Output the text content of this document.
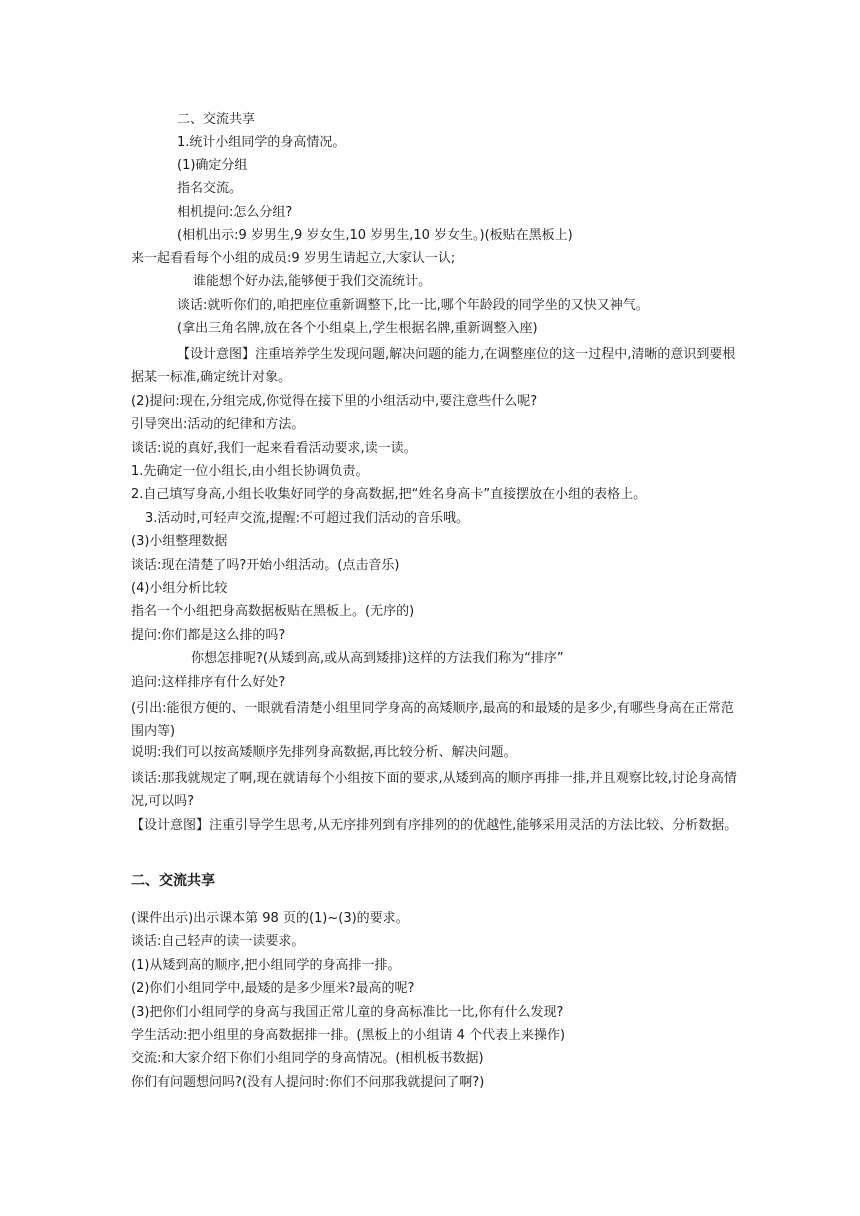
二、交流共享
1.统计小组同学的身高情况。
(1)确定分组
指名交流。
相机提问:怎么分组?
(相机出示:9 岁男生,9 岁女生,10 岁男生,10 岁女生。)(板贴在黑板上)
来一起看看每个小组的成员:9 岁男生请起立,大家认一认;
谁能想个好办法,能够便于我们交流统计。
谈话:就听你们的,咱把座位重新调整下,比一比,哪个年龄段的同学坐的又快又神气。
(拿出三角名牌,放在各个小组桌上,学生根据名牌,重新调整入座)
【设计意图】注重培养学生发现问题,解决问题的能力,在调整座位的这一过程中,清晰的意识到要根据某一标准,确定统计对象。
(2)提问:现在,分组完成,你觉得在接下里的小组活动中,要注意些什么呢?
引导突出:活动的纪律和方法。
谈话:说的真好,我们一起来看看活动要求,读一读。
1.先确定一位小组长,由小组长协调负责。
2.自己填写身高,小组长收集好同学的身高数据,把“姓名身高卡”直接摆放在小组的表格上。
3.活动时,可轻声交流,提醒:不可超过我们活动的音乐哦。
(3)小组整理数据
谈话:现在清楚了吗?开始小组活动。(点击音乐)
(4)小组分析比较
指名一个小组把身高数据板贴在黑板上。(无序的)
提问:你们都是这么排的吗?
你想怎排呢?(从矮到高,或从高到矮排)这样的方法我们称为“排序”
追问:这样排序有什么好处?
(引出:能很方便的、一眼就看清楚小组里同学身高的高矮顺序,最高的和最矮的是多少,有哪些身高在正常范围内等)
说明:我们可以按高矮顺序先排列身高数据,再比较分析、解决问题。
谈话:那我就规定了啊,现在就请每个小组按下面的要求,从矮到高的顺序再排一排,并且观察比较,讨论身高情况,可以吗?
【设计意图】注重引导学生思考,从无序排列到有序排列的的优越性,能够采用灵活的方法比较、分析数据。
二、交流共享
(课件出示)出示课本第 98 页的(1)~(3)的要求。
谈话:自己轻声的读一读要求。
(1)从矮到高的顺序,把小组同学的身高排一排。
(2)你们小组同学中,最矮的是多少厘米?最高的呢?
(3)把你们小组同学的身高与我国正常儿童的身高标准比一比,你有什么发现?
学生活动:把小组里的身高数据排一排。(黑板上的小组请 4 个代表上来操作)
交流:和大家介绍下你们小组同学的身高情况。(相机板书数据)
你们有问题想问吗?(没有人提问时:你们不问那我就提问了啊?)
